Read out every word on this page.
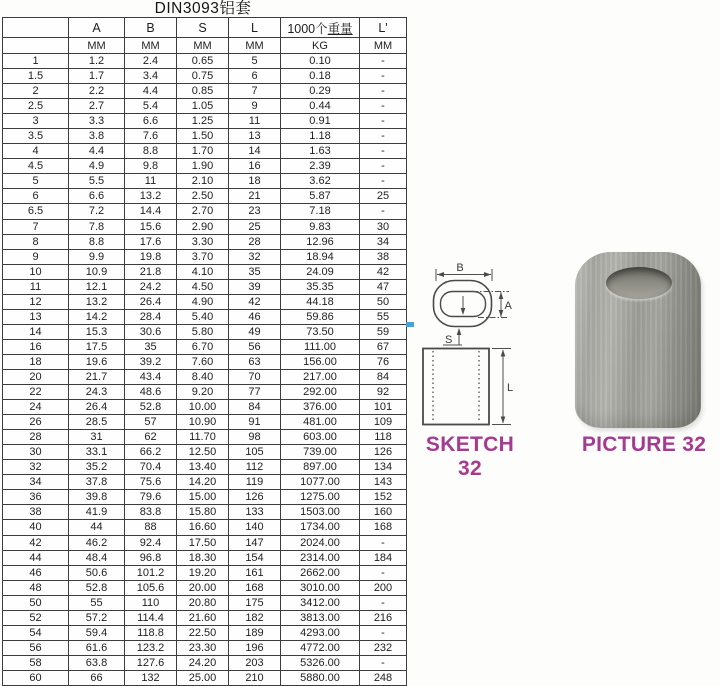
DIN3093铝套
	A	B	S	L	1000个重量	L'
	MM	MM	MM	MM	KG	MM
1	1.2	2.4	0.65	5	0.10	-
1.5	1.7	3.4	0.75	6	0.18	-
2	2.2	4.4	0.85	7	0.29	-
2.5	2.7	5.4	1.05	9	0.44	-
3	3.3	6.6	1.25	11	0.91	-
3.5	3.8	7.6	1.50	13	1.18	-
4	4.4	8.8	1.70	14	1.63	-
4.5	4.9	9.8	1.90	16	2.39	-
5	5.5	11	2.10	18	3.62	-
6	6.6	13.2	2.50	21	5.87	25
6.5	7.2	14.4	2.70	23	7.18	-
7	7.8	15.6	2.90	25	9.83	30
8	8.8	17.6	3.30	28	12.96	34
9	9.9	19.8	3.70	32	18.94	38
10	10.9	21.8	4.10	35	24.09	42
11	12.1	24.2	4.50	39	35.35	47
12	13.2	26.4	4.90	42	44.18	50
13	14.2	28.4	5.40	46	59.86	55
14	15.3	30.6	5.80	49	73.50	59
16	17.5	35	6.70	56	111.00	67
18	19.6	39.2	7.60	63	156.00	76
20	21.7	43.4	8.40	70	217.00	84
22	24.3	48.6	9.20	77	292.00	92
24	26.4	52.8	10.00	84	376.00	101
26	28.5	57	10.90	91	481.00	109
28	31	62	11.70	98	603.00	118
30	33.1	66.2	12.50	105	739.00	126
32	35.2	70.4	13.40	112	897.00	134
34	37.8	75.6	14.20	119	1077.00	143
36	39.8	79.6	15.00	126	1275.00	152
38	41.9	83.8	15.80	133	1503.00	160
40	44	88	16.60	140	1734.00	168
42	46.2	92.4	17.50	147	2024.00	-
44	48.4	96.8	18.30	154	2314.00	184
46	50.6	101.2	19.20	161	2662.00	-
48	52.8	105.6	20.00	168	3010.00	200
50	55	110	20.80	175	3412.00	-
52	57.2	114.4	21.60	182	3813.00	216
54	59.4	118.8	22.50	189	4293.00	-
56	61.6	123.2	23.30	196	4772.00	232
58	63.8	127.6	24.20	203	5326.00	-
60	66	132	25.00	210	5880.00	248
B
A
S
L
SKETCH 32
PICTURE 32
